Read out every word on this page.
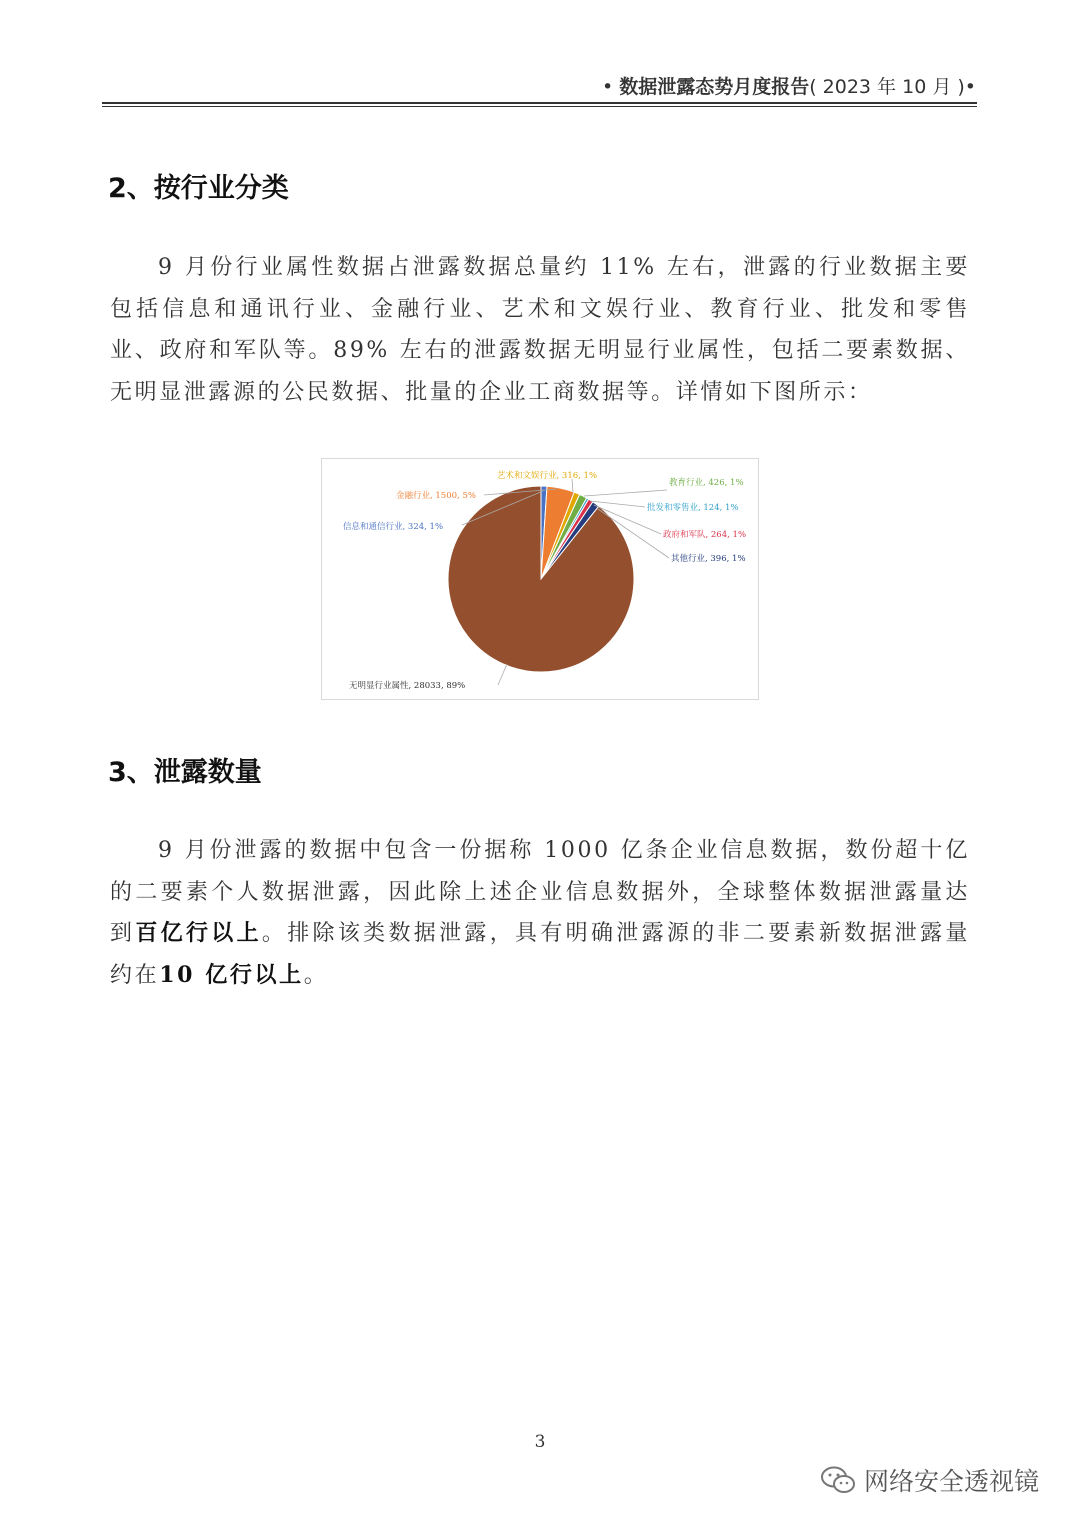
• 数据泄露态势月度报告( 2023 年 10 月 )•
2、按行业分类
9 月份行业属性数据占泄露数据总量约 11% 左右，泄露的行业数据主要包括信息和通讯行业、金融行业、艺术和文娱行业、教育行业、批发和零售业、政府和军队等。89% 左右的泄露数据无明显行业属性，包括二要素数据、无明显泄露源的公民数据、批量的企业工商数据等。详情如下图所示：
信息和通信行业, 324, 1%
金融行业, 1500, 5%
艺术和文娱行业, 316, 1%
教育行业, 426, 1%
批发和零售业, 124, 1%
政府和军队, 264, 1%
其他行业, 396, 1%
无明显行业属性, 28033, 89%
3、泄露数量
9 月份泄露的数据中包含一份据称 1000 亿条企业信息数据，数份超十亿的二要素个人数据泄露，因此除上述企业信息数据外，全球整体数据泄露量达到百亿行以上。排除该类数据泄露，具有明确泄露源的非二要素新数据泄露量约在10 亿行以上。
3
网络安全透视镜
